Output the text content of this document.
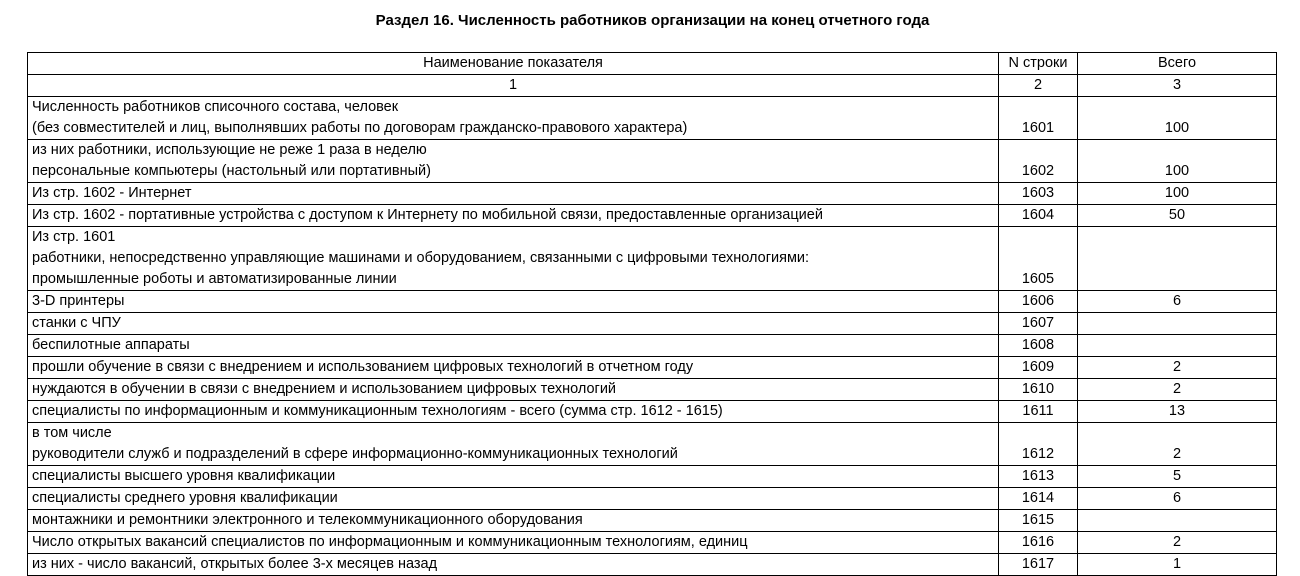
Раздел 16. Численность работников организации на конец отчетного года
Наименование показателя	N строки	Всего
1	2	3

Численность работников списочного состава, человек
(без совместителей и лиц, выполнявших работы по договорам гражданско-правового характера)	1601	100

из них работники, использующие не реже 1 раза в неделю
персональные компьютеры (настольный или портативный)	1602	100

Из стр. 1602 - Интернет	1603	100

Из стр. 1602 - портативные устройства с доступом к Интернету по мобильной связи, предоставленные организацией	1604	50

Из стр. 1601
работники, непосредственно управляющие машинами и оборудованием, связанными с цифровыми технологиями:
промышленные роботы и автоматизированные линии	1605	

3-D принтеры	1606	6

станки с ЧПУ	1607	

беспилотные аппараты	1608	

прошли обучение в связи с внедрением и использованием цифровых технологий в отчетном году	1609	2

нуждаются в обучении в связи с внедрением и использованием цифровых технологий	1610	2

специалисты по информационным и коммуникационным технологиям - всего (сумма стр. 1612 - 1615)	1611	13

в том числе
руководители служб и подразделений в сфере информационно-коммуникационных технологий	1612	2

специалисты высшего уровня квалификации	1613	5

специалисты среднего уровня квалификации	1614	6

монтажники и ремонтники электронного и телекоммуникационного оборудования	1615	

Число открытых вакансий специалистов по информационным и коммуникационным технологиям, единиц	1616	2

из них - число вакансий, открытых более 3-х месяцев назад	1617	1
